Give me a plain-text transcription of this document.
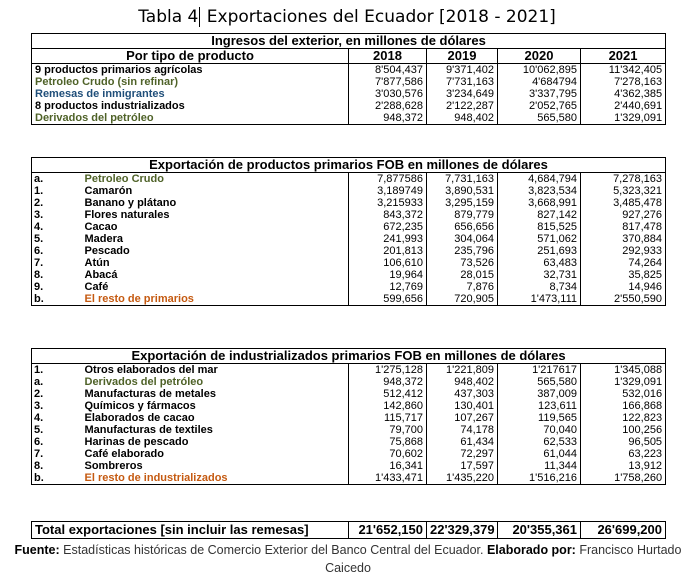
Tabla 4 Exportaciones del Ecuador [2018 - 2021]
Ingresos del exterior, en millones de dólares				
Por tipo de producto	2018	2019	2020	2021
9 productos primarios agrícolas	8'504,437	9'371,402	10'062,895	11'342,405
Petroleo Crudo (sin refinar)	7'877,586	7'731,163	4'684794	7'278,163
Remesas de inmigrantes	3'030,576	3'234,649	3'337,795	4'362,385
8 productos industrializados	2'288,628	2'122,287	2'052,765	2'440,691
Derivados del petróleo	948,372	948,402	565,580	1'329,091
Exportación de productos primarios FOB en millones de dólares					
a.	Petroleo Crudo	7,877586	7,731,163	4,684,794	7,278,163
1.	Camarón	3,189749	3,890,531	3,823,534	5,323,321
2.	Banano y plátano	3,215933	3,295,159	3,668,991	3,485,478
3.	Flores naturales	843,372	879,779	827,142	927,276
4.	Cacao	672,235	656,656	815,525	817,478
5.	Madera	241,993	304,064	571,062	370,884
6.	Pescado	201,813	235,796	251,693	292,933
7.	Atún	106,610	73,526	63,483	74,264
8.	Abacá	19,964	28,015	32,731	35,825
9.	Café	12,769	7,876	8,734	14,946
b.	El resto de primarios	599,656	720,905	1'473,111	2'550,590
Exportación de industrializados primarios FOB en millones de dólares					
1.	Otros elaborados del mar	1'275,128	1'221,809	1'217617	1'345,088
a.	Derivados del petróleo	948,372	948,402	565,580	1'329,091
2.	Manufacturas de metales	512,412	437,303	387,009	532,016
3.	Químicos y fármacos	142,860	130,401	123,611	166,868
4.	Elaborados de cacao	115,717	107,267	119,565	122,823
5.	Manufacturas de textiles	79,700	74,178	70,040	100,256
6.	Harinas de pescado	75,868	61,434	62,533	96,505
7.	Café elaborado	70,602	72,297	61,044	63,223
8.	Sombreros	16,341	17,597	11,344	13,912
b.	El resto de industrializados	1'433,471	1'435,220	1'516,216	1'758,260
Total exportaciones [sin incluir las remesas]	21'652,150	22'329,379	20'355,361	26'699,200
Fuente: Estadísticas históricas de Comercio Exterior del Banco Central del Ecuador. Elaborado por: Francisco Hurtado Caicedo
